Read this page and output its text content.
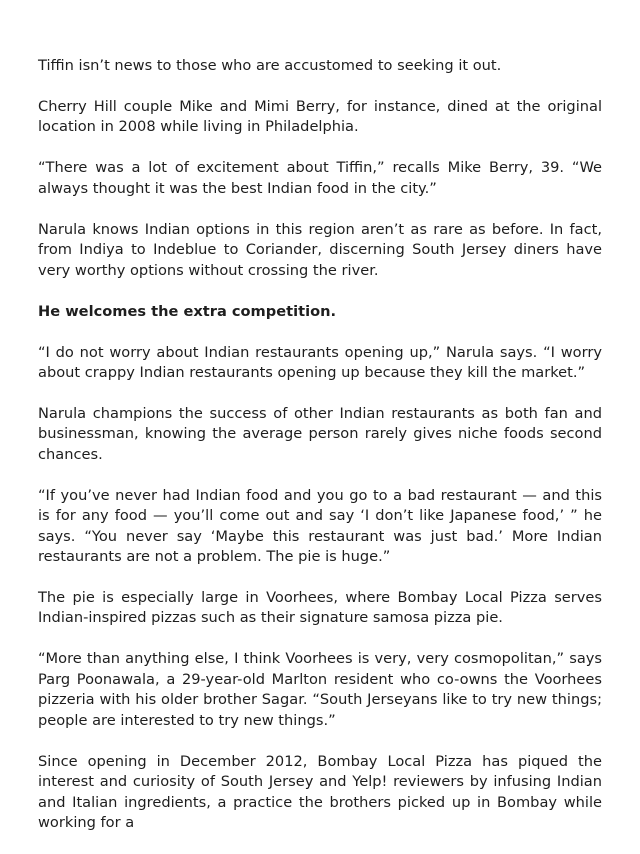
Tiffin isn’t news to those who are accustomed to seeking it out.

Cherry Hill couple Mike and Mimi Berry, for instance, dined at the original location in 2008 while living in Philadelphia.

“There was a lot of excitement about Tiffin,” recalls Mike Berry, 39. “We always thought it was the best Indian food in the city.”

Narula knows Indian options in this region aren’t as rare as before. In fact, from Indiya to Indeblue to Coriander, discerning South Jersey diners have very worthy options without crossing the river.

He welcomes the extra competition.

“I do not worry about Indian restaurants opening up,” Narula says. “I worry about crappy Indian restaurants opening up because they kill the market.”

Narula champions the success of other Indian restaurants as both fan and businessman, knowing the average person rarely gives niche foods second chances.

“If you’ve never had Indian food and you go to a bad restaurant — and this is for any food — you’ll come out and say ‘I don’t like Japanese food,’ ” he says. “You never say ‘Maybe this restaurant was just bad.’ More Indian restaurants are not a problem. The pie is huge.”

The pie is especially large in Voorhees, where Bombay Local Pizza serves Indian-inspired pizzas such as their signature samosa pizza pie.

“More than anything else, I think Voorhees is very, very cosmopolitan,” says Parg Poonawala, a 29-year-old Marlton resident who co-owns the Voorhees pizzeria with his older brother Sagar. “South Jerseyans like to try new things; people are interested to try new things.”

Since opening in December 2012, Bombay Local Pizza has piqued the interest and curiosity of South Jersey and Yelp! reviewers by infusing Indian and Italian ingredients, a practice the brothers picked up in Bombay while working for a
